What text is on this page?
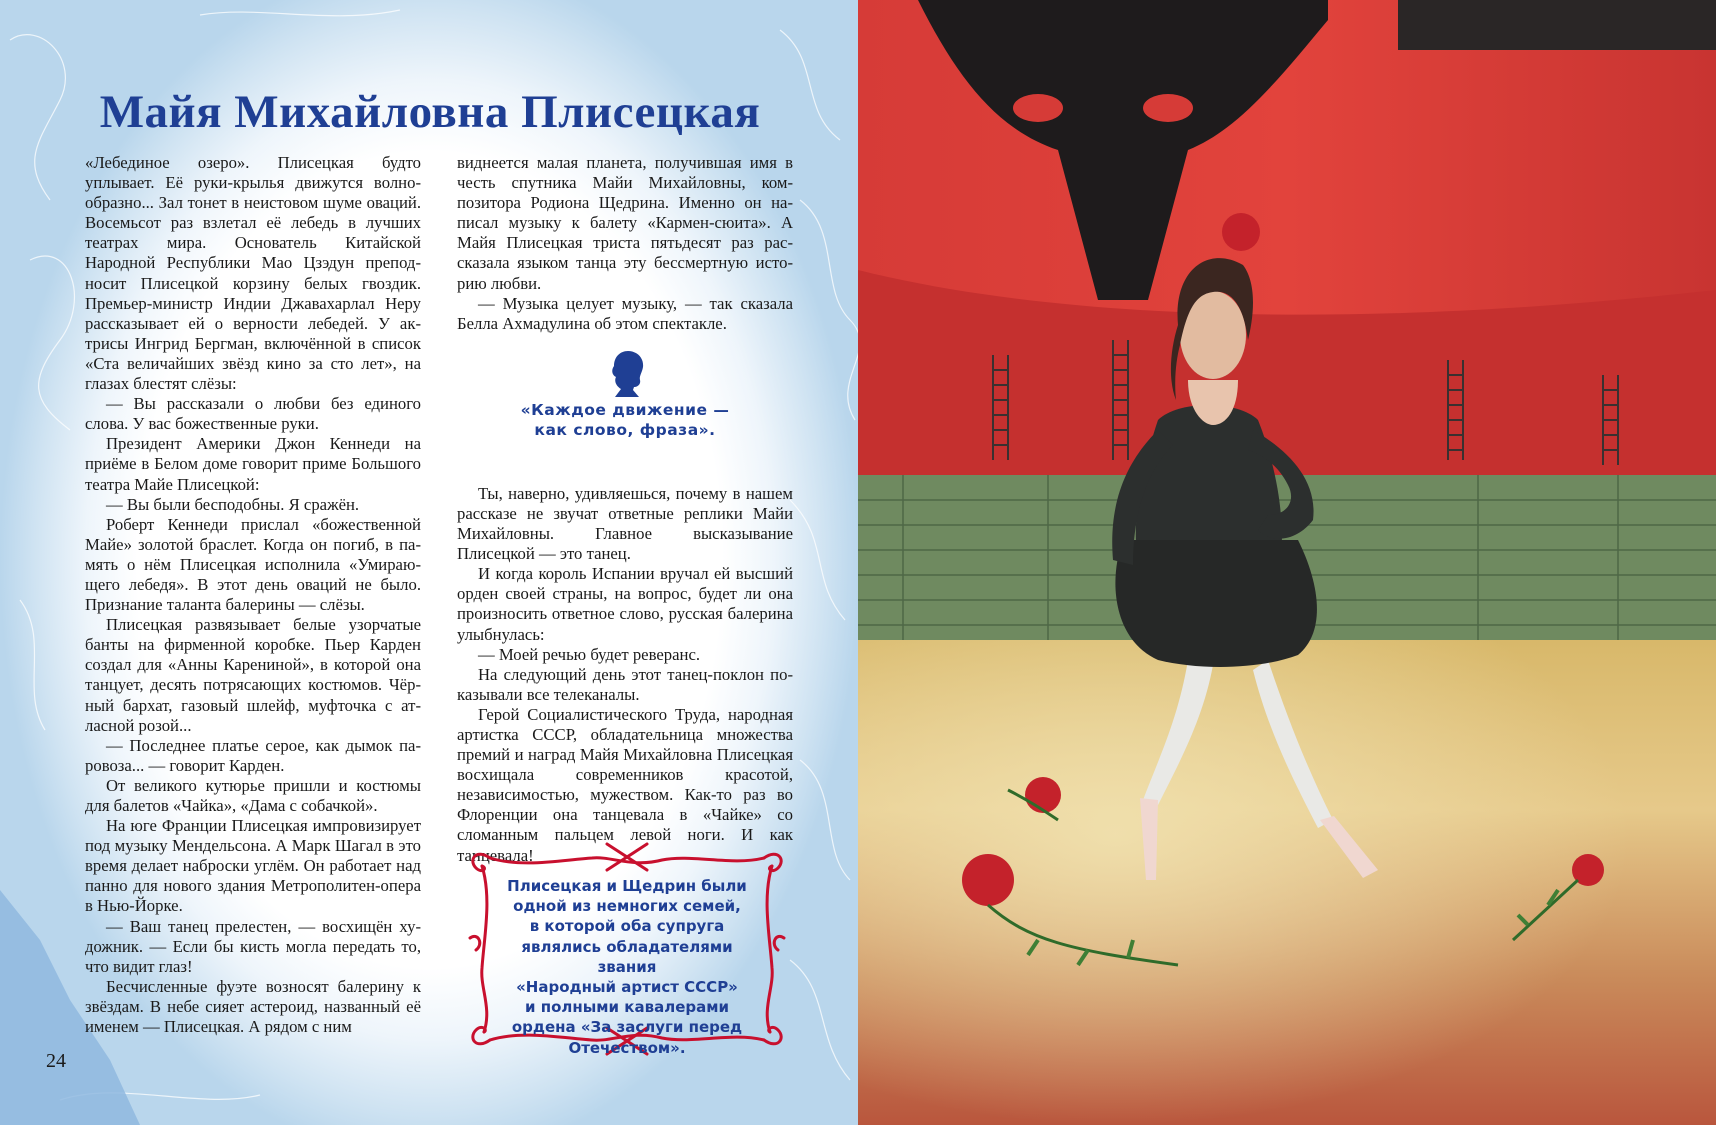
Майя Михайловна Плисецкая

«Лебединое озеро». Плисецкая будто уплывает. Её руки-крылья движутся волнообразно... Зал тонет в неистовом шуме оваций. Восемьсот раз взлетал её лебедь в лучших театрах мира. Основатель Китайской Народной Республики Мао Цзэдун преподносит Плисецкой корзину белых гвоздик. Премьер-министр Индии Джавахарлал Неру рассказывает ей о верности лебедей. У актрисы Ингрид Бергман, включённой в список «Ста величайших звёзд кино за сто лет», на глазах блестят слёзы:

— Вы рассказали о любви без единого слова. У вас божественные руки.

Президент Америки Джон Кеннеди на приёме в Белом доме говорит приме Большого театра Майе Плисецкой:

— Вы были бесподобны. Я сражён.

Роберт Кеннеди прислал «божественной Майе» золотой браслет. Когда он погиб, в память о нём Плисецкая исполнила «Умирающего лебедя». В этот день оваций не было. Признание таланта балерины — слёзы.

Плисецкая развязывает белые узорчатые банты на фирменной коробке. Пьер Карден создал для «Анны Карениной», в которой она танцует, десять потрясающих костюмов. Чёрный бархат, газовый шлейф, муфточка с атласной розой...

— Последнее платье серое, как дымок паровоза... — говорит Карден.

От великого кутюрье пришли и костюмы для балетов «Чайка», «Дама с собачкой».

На юге Франции Плисецкая импровизирует под музыку Мендельсона. А Марк Шагал в это время делает наброски углём. Он работает над панно для нового здания Метрополитен-опера в Нью-Йорке.

— Ваш танец прелестен, — восхищён художник. — Если бы кисть могла передать то, что видит глаз!

Бесчисленные фуэте возносят балерину к звёздам. В небе сияет астероид, названный её именем — Плисецкая. А рядом с ним

виднеется малая планета, получившая имя в честь спутника Майи Михайловны, композитора Родиона Щедрина. Именно он написал музыку к балету «Кармен-сюита». А Майя Плисецкая триста пятьдесят раз рассказала языком танца эту бессмертную историю любви.

— Музыка целует музыку, — так сказала Белла Ахмадулина об этом спектакле.

Ты, наверно, удивляешься, почему в нашем рассказе не звучат ответные реплики Майи Михайловны. Главное высказывание Плисецкой — это танец.

И когда король Испании вручал ей высший орден своей страны, на вопрос, будет ли она произносить ответное слово, русская балерина улыбнулась:

— Моей речью будет реверанс.

На следующий день этот танец-поклон показывали все телеканалы.

Герой Социалистического Труда, народная артистка СССР, обладательница множества премий и наград Майя Михайловна Плисецкая восхищала современников красотой, независимостью, мужеством. Как-то раз во Флоренции она танцевала в «Чайке» со сломанным пальцем левой ноги. И как танцевала!

«Каждое движение —
как слово, фраза».
Плисецкая и Щедрин были
одной из немногих семей,
в которой оба супруга
являлись обладателями звания
«Народный артист СССР»
и полными кавалерами
ордена «За заслуги перед
Отечеством».
24
